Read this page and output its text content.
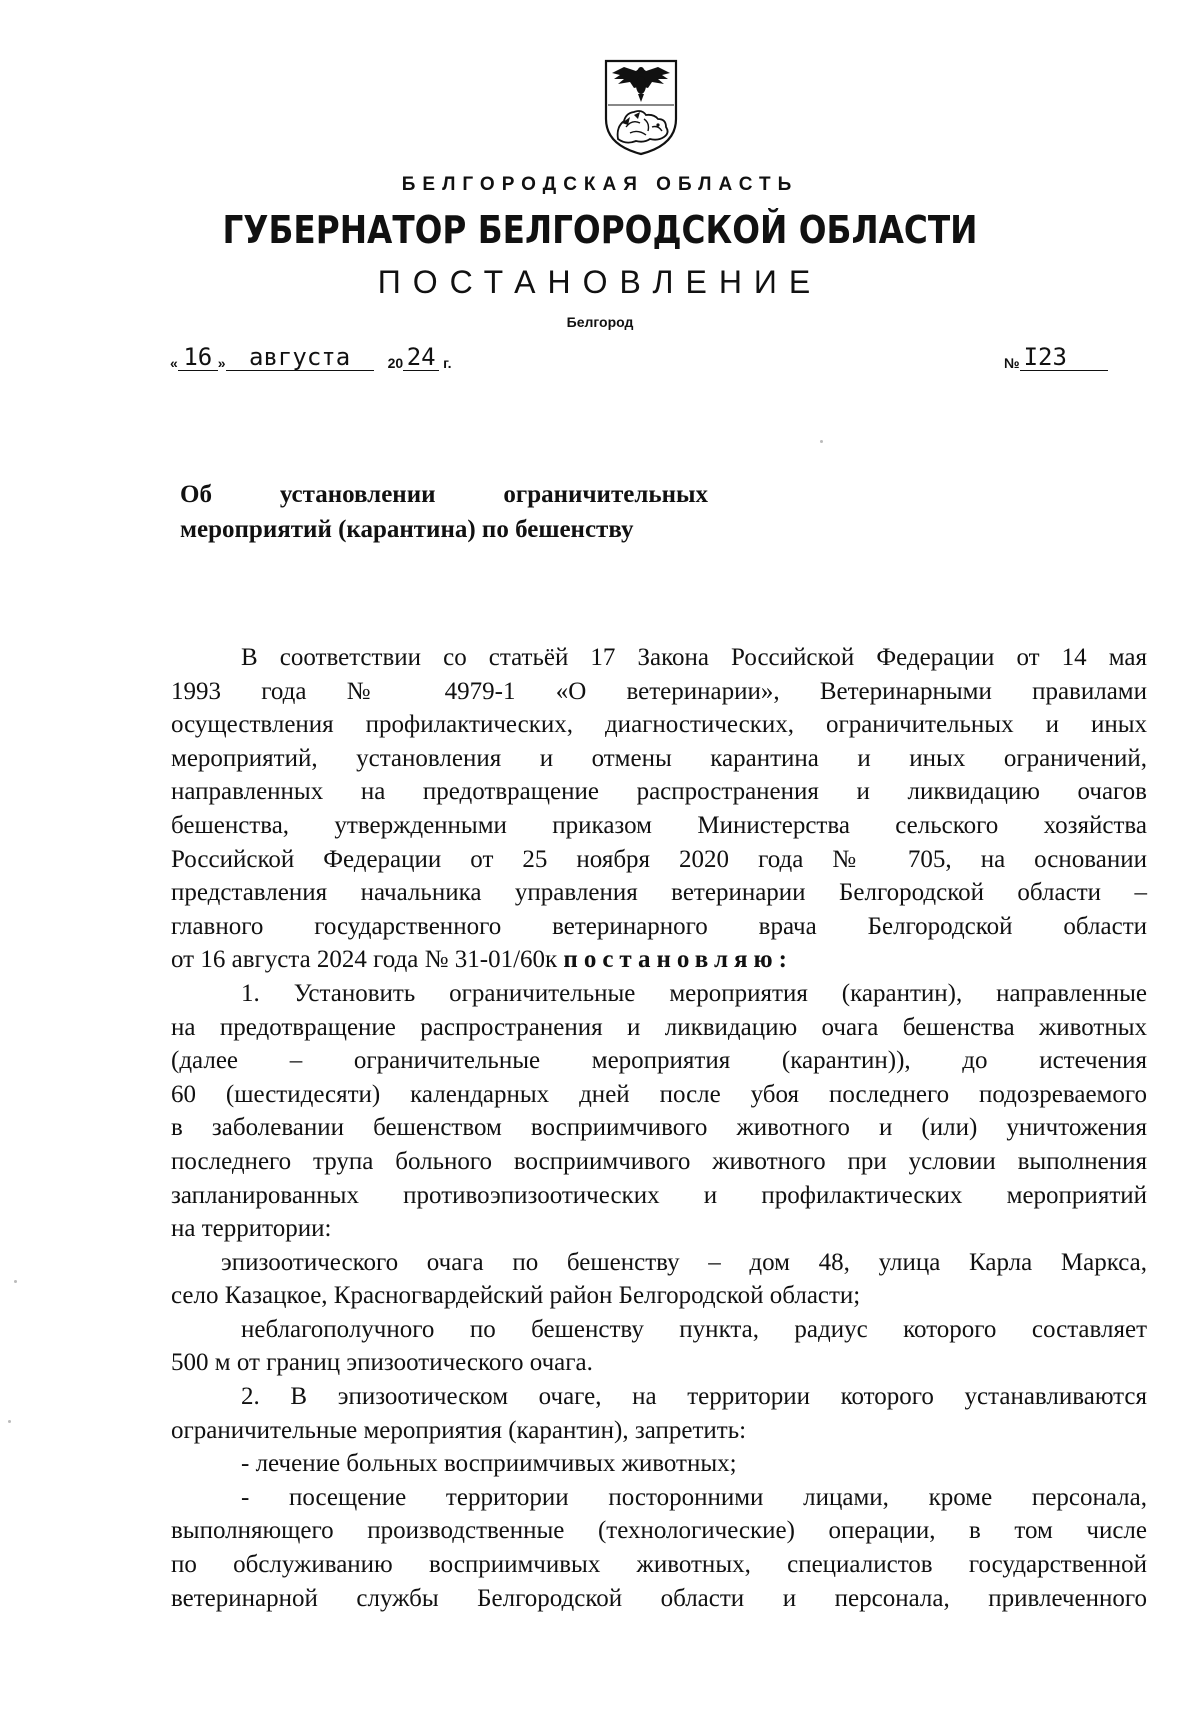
БЕЛГОРОДСКАЯ ОБЛАСТЬ
ГУБЕРНАТОР БЕЛГОРОДСКОЙ ОБЛАСТИ
ПОСТАНОВЛЕНИЕ
Белгород
« 16 » августа	20 24 г.	№ I23
Об установлении ограничительных
мероприятий (карантина) по бешенству

В соответствии со статьёй 17 Закона Российской Федерации от 14 мая

1993 года № 4979-1 «О ветеринарии», Ветеринарными правилами

осуществления профилактических, диагностических, ограничительных и иных

мероприятий, установления и отмены карантина и иных ограничений,

направленных на предотвращение распространения и ликвидацию очагов

бешенства, утвержденными приказом Министерства сельского хозяйства

Российской Федерации от 25 ноября 2020 года № 705, на основании

представления начальника управления ветеринарии Белгородской области –

главного государственного ветеринарного врача Белгородской области

от 16 августа 2024 года № 31-01/60к постановляю:

1. Установить ограничительные мероприятия (карантин), направленные

на предотвращение распространения и ликвидацию очага бешенства животных

(далее – ограничительные мероприятия (карантин)), до истечения

60 (шестидесяти) календарных дней после убоя последнего подозреваемого

в заболевании бешенством восприимчивого животного и (или) уничтожения

последнего трупа больного восприимчивого животного при условии выполнения

запланированных противоэпизоотических и профилактических мероприятий

на территории:

эпизоотического очага по бешенству – дом 48, улица Карла Маркса,

село Казацкое, Красногвардейский район Белгородской области;

неблагополучного по бешенству пункта, радиус которого составляет

500 м от границ эпизоотического очага.

2. В эпизоотическом очаге, на территории которого устанавливаются

ограничительные мероприятия (карантин), запретить:

- лечение больных восприимчивых животных;

- посещение территории посторонними лицами, кроме персонала,

выполняющего производственные (технологические) операции, в том числе

по обслуживанию восприимчивых животных, специалистов государственной

ветеринарной службы Белгородской области и персонала, привлеченного
